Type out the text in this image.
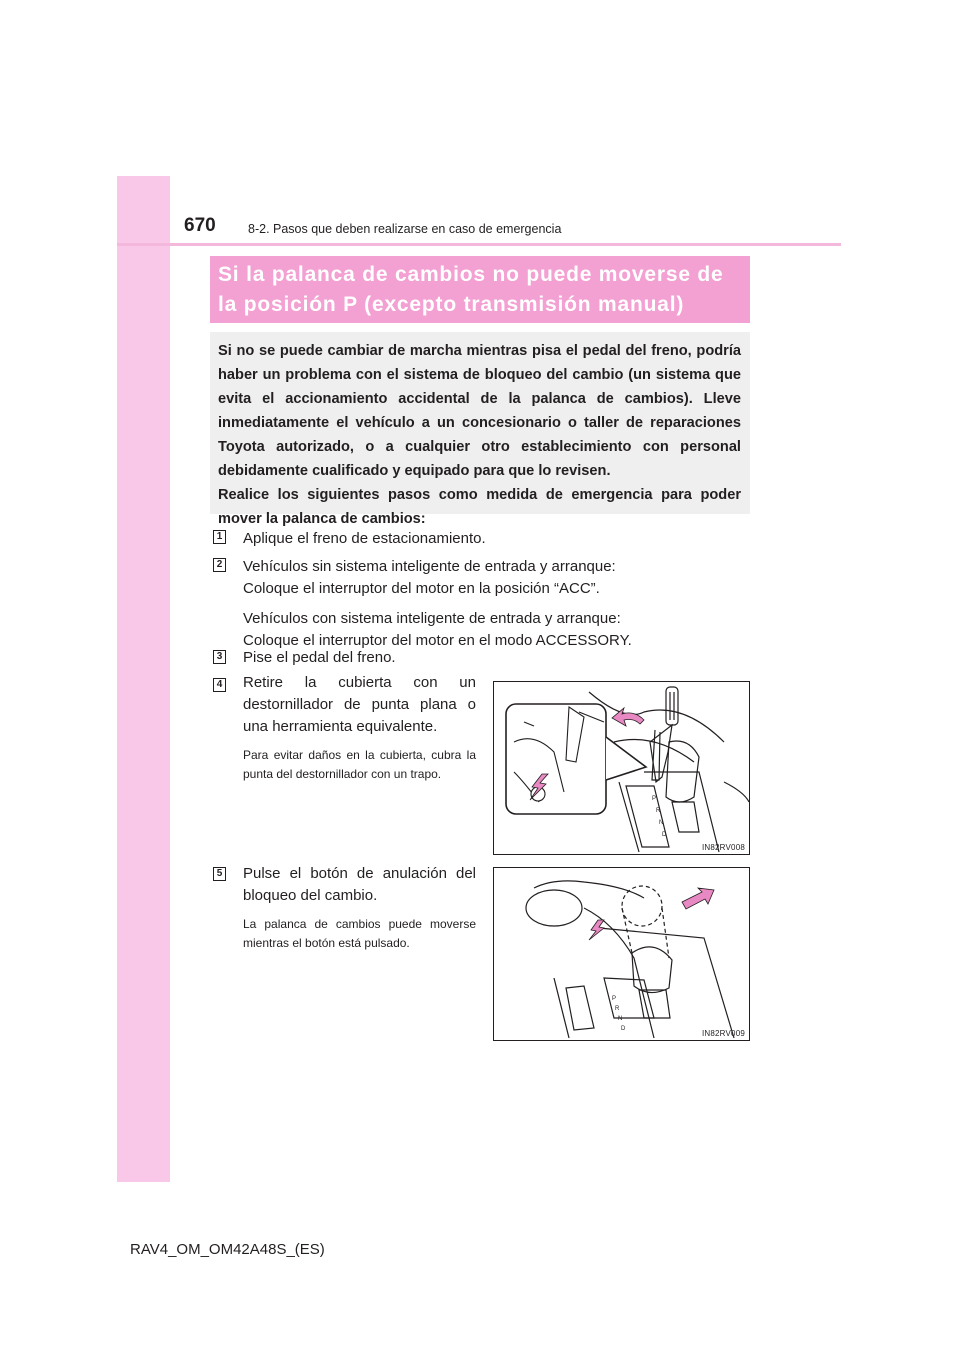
670	8-2. Pasos que deben realizarse en caso de emergencia
Si la palanca de cambios no puede moverse de
la posición P (excepto transmisión manual)

Si no se puede cambiar de marcha mientras pisa el pedal del freno, podría haber un problema con el sistema de bloqueo del cambio (un sistema que evita el accionamiento accidental de la palanca de cambios). Lleve inmediatamente el vehículo a un concesionario o taller de reparaciones Toyota autorizado, o a cualquier otro establecimiento con personal debidamente cualificado y equipado para que lo revisen.

Realice los siguientes pasos como medida de emergencia para poder mover la palanca de cambios:

1 Aplique el freno de estacionamiento.

2 Vehículos sin sistema inteligente de entrada y arranque:
Coloque el interruptor del motor en la posición “ACC”.

Vehículos con sistema inteligente de entrada y arranque:
Coloque el interruptor del motor en el modo ACCESSORY.

3 Pise el pedal del freno.

4 Retire la cubierta con un destornillador de punta plana o una herramienta equivalente.

Para evitar daños en la cubierta, cubra la punta del destornillador con un trapo.
P
R
N
D
IN82RV008
5 Pulse el botón de anulación del bloqueo del cambio.

La palanca de cambios puede moverse mientras el botón está pulsado.
P
R
N
D	IN82RV009
RAV4_OM_OM42A48S_(ES)
